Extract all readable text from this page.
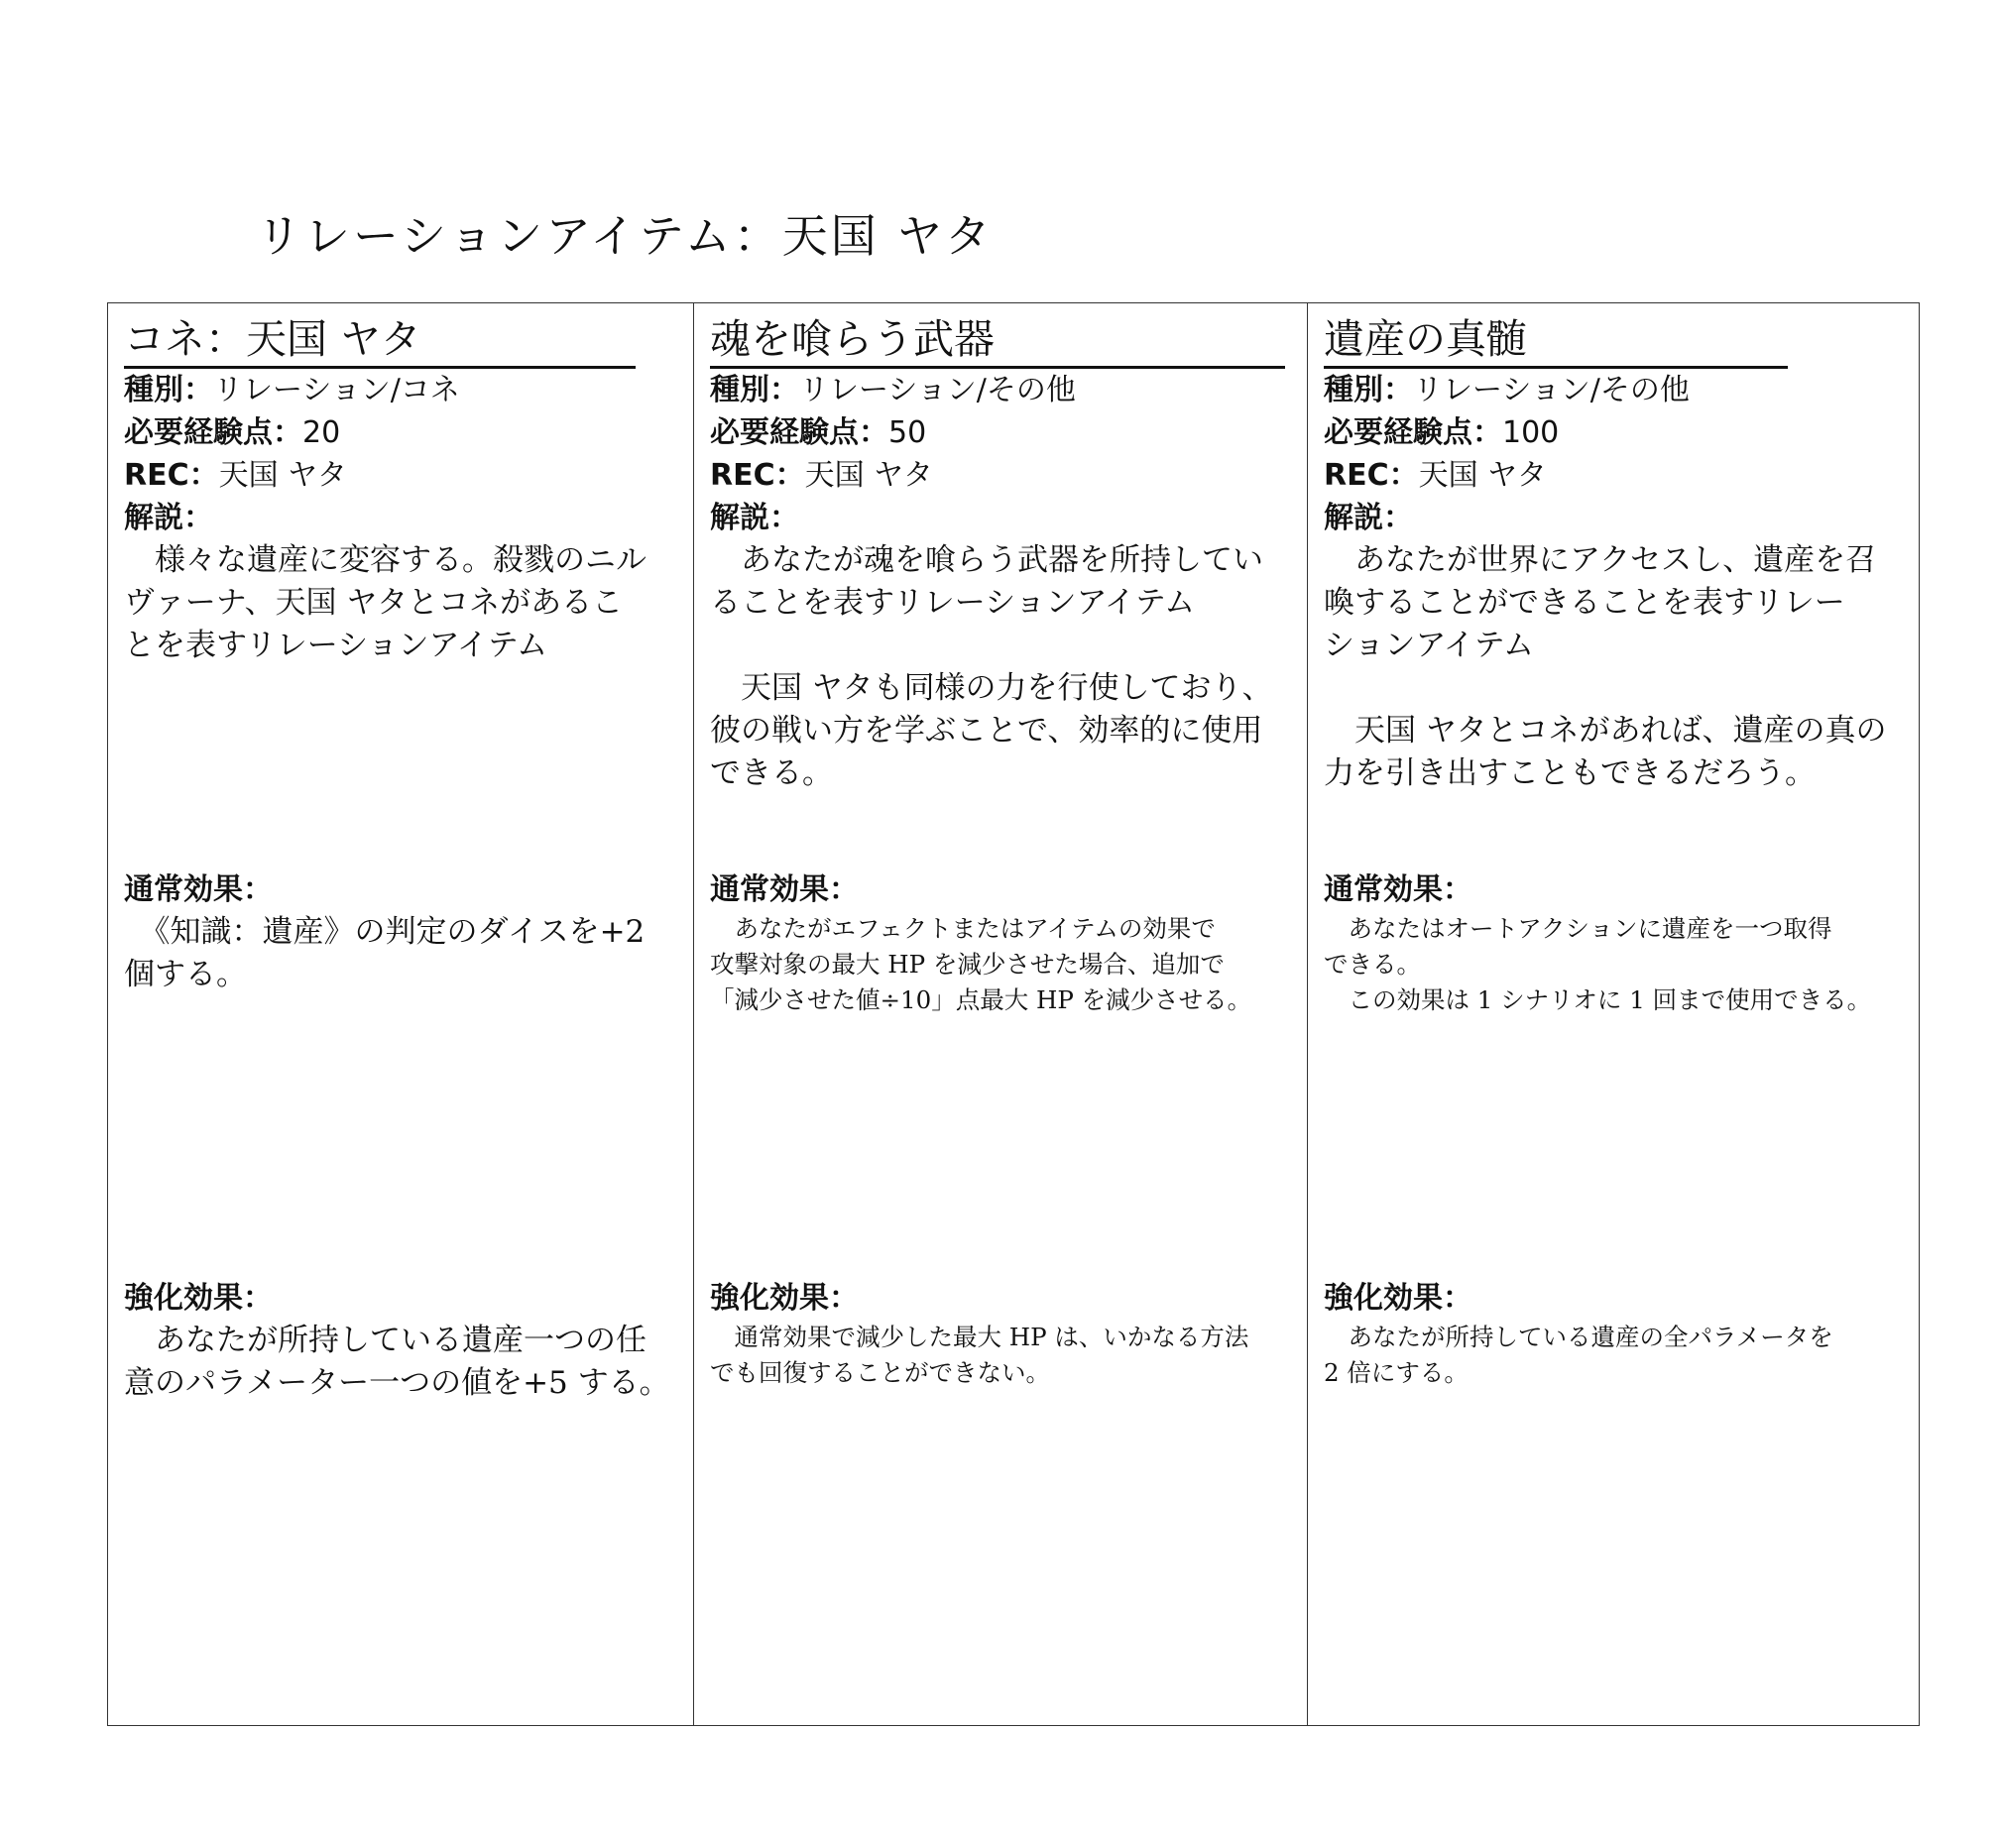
リレーションアイテム：天国 ヤタ
コネ：天国 ヤタ
種別：リレーション/コネ
必要経験点：20
REC：天国 ヤタ
解説：

　様々な遺産に変容する。殺戮のニル
ヴァーナ、天国 ヤタとコネがあるこ
とを表すリレーションアイテム

通常効果：

　《知識：遺産》の判定のダイスを+2
個する。

強化効果：

　あなたが所持している遺産一つの任
意のパラメーター一つの値を+5 する。

魂を喰らう武器
種別：リレーション/その他
必要経験点：50
REC：天国 ヤタ
解説：

　あなたが魂を喰らう武器を所持してい
ることを表すリレーションアイテム

　天国 ヤタも同様の力を行使しており、
彼の戦い方を学ぶことで、効率的に使用
できる。

通常効果：

　あなたがエフェクトまたはアイテムの効果で
攻撃対象の最大 HP を減少させた場合、追加で
「減少させた値÷10」点最大 HP を減少させる。

強化効果：

　通常効果で減少した最大 HP は、いかなる方法
でも回復することができない。

遺産の真髄
種別：リレーション/その他
必要経験点：100
REC：天国 ヤタ
解説：

　あなたが世界にアクセスし、遺産を召
喚することができることを表すリレー
ションアイテム

　天国 ヤタとコネがあれば、遺産の真の
力を引き出すこともできるだろう。

通常効果：

　あなたはオートアクションに遺産を一つ取得
できる。
　この効果は 1 シナリオに 1 回まで使用できる。

強化効果：

　あなたが所持している遺産の全パラメータを
2 倍にする。
